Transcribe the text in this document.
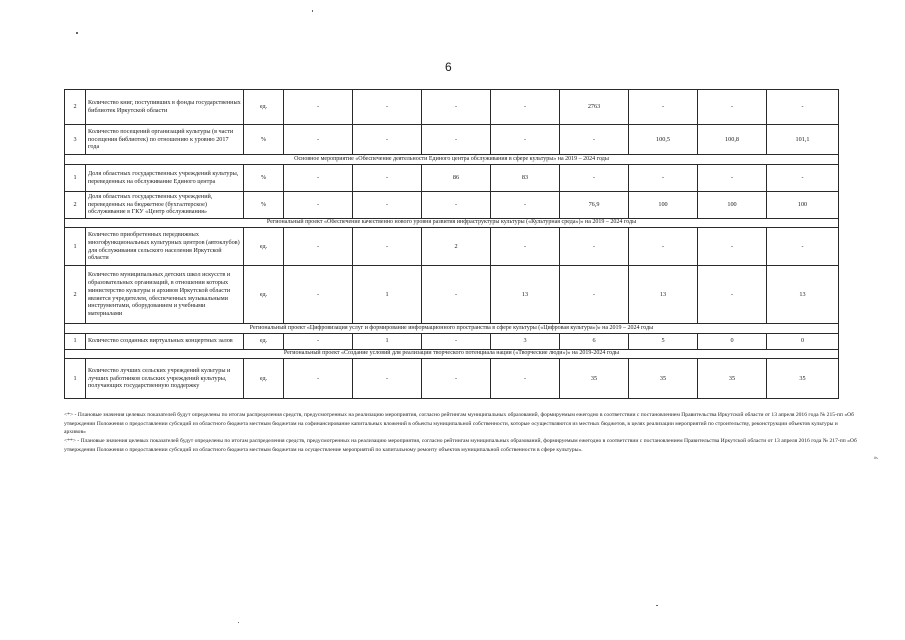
6
2	Количество книг, поступивших в фонды государственных библиотек Иркутской области	ед.	-	-	-	-	2763	-	-	-
3	Количество посещений организаций культуры (в части посещения библиотек) по отношению к уровню 2017 года	%	-	-	-	-	-	100,5	100,8	101,1
Основное мероприятие «Обеспечение деятельности Единого центра обслуживания в сфере культуры» на 2019 – 2024 годы										
1	Доля областных государственных учреждений культуры, переведенных на обслуживание Единого центра	%	-	-	86	83	-	-	-	-
2	Доля областных государственных учреждений, переведенных на бюджетное (бухгалтерское) обслуживание в ГКУ «Центр обслуживания»	%	-	-	-	-	76,9	100	100	100
Региональный проект «Обеспечение качественно нового уровня развития инфраструктуры культуры («Культурная среда»)» на 2019 – 2024 годы										
1	Количество приобретенных передвижных многофункциональных культурных центров (автоклубов) для обслуживания сельского населения Иркутской области	ед.	-	-	2	-	-	-	-	-
2	Количество муниципальных детских школ искусств и образовательных организаций, в отношении которых министерство культуры и архивов Иркутской области является учредителем, обеспеченных музыкальными инструментами, оборудованием и учебными материалами	ед.	-	1	-	13	-	13	-	13
Региональный проект «Цифровизация услуг и формирование информационного пространства в сфере культуры («Цифровая культура»)» на 2019 – 2024 годы										
1	Количество созданных виртуальных концертных залов	ед.	-	1	-	3	6	5	0	0
Региональный проект «Создание условий для реализации творческого потенциала нации («Творческие люди»)» на 2019-2024 годы										
1	Количество лучших сельских учреждений культуры и лучших работников сельских учреждений культуры, получающих государственную поддержку	ед.	-	-	-	-	35	35	35	35

<*> - Плановые значения целевых показателей будут определены по итогам распределения средств, предусмотренных на реализацию мероприятия, согласно рейтингам муниципальных образований, формируемым ежегодно в соответствии с постановлением Правительства Иркутской области от 13 апреля 2016 года № 215-пп «Об утверждении Положения о предоставлении субсидий из областного бюджета местным бюджетам на софинансирование капитальных вложений в объекты муниципальной собственности, которые осуществляются из местных бюджетов, в целях реализации мероприятий по строительству, реконструкции объектов культуры и архивов»

<**> - Плановые значения целевых показателей будут определены по итогам распределения средств, предусмотренных на реализацию мероприятия, согласно рейтингам муниципальных образований, формируемым ежегодно в соответствии с постановлением Правительства Иркутской области от 13 апреля 2016 года № 217-пп «Об утверждении Положения о предоставлении субсидий из областного бюджета местным бюджетам на осуществление мероприятий по капитальному ремонту объектов муниципальной собственности в сфере культуры».

».
